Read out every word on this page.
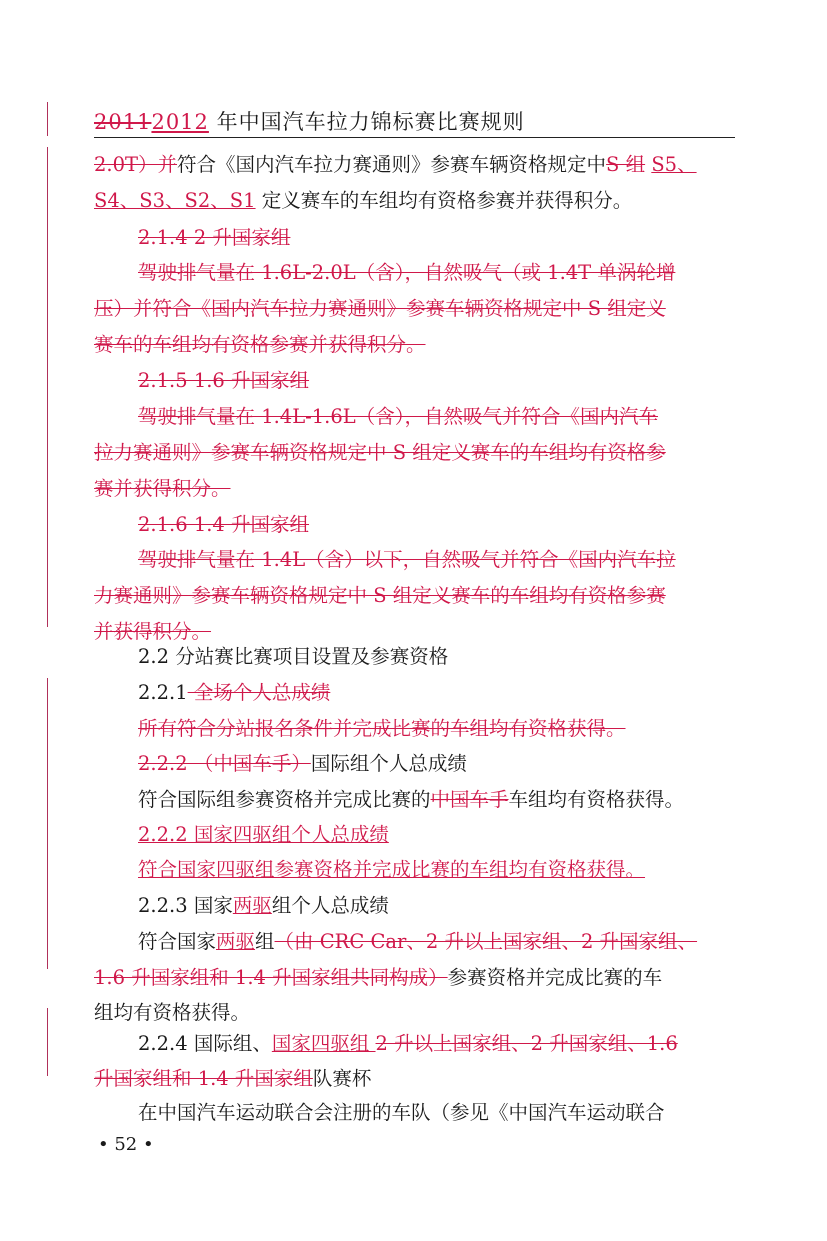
20112012 年中国汽车拉力锦标赛比赛规则
2.0T）并符合《国内汽车拉力赛通则》参赛车辆资格规定中S 组 S5、
S4、S3、S2、S1 定义赛车的车组均有资格参赛并获得积分。
2.1.4 2 升国家组
驾驶排气量在 1.6L-2.0L（含），自然吸气（或 1.4T 单涡轮增
压）并符合《国内汽车拉力赛通则》参赛车辆资格规定中 S 组定义
赛车的车组均有资格参赛并获得积分。
2.1.5 1.6 升国家组
驾驶排气量在 1.4L-1.6L（含），自然吸气并符合《国内汽车
拉力赛通则》参赛车辆资格规定中 S 组定义赛车的车组均有资格参
赛并获得积分。
2.1.6 1.4 升国家组
驾驶排气量在 1.4L（含）以下，自然吸气并符合《国内汽车拉
力赛通则》参赛车辆资格规定中 S 组定义赛车的车组均有资格参赛
并获得积分。
2.2 分站赛比赛项目设置及参赛资格
2.2.1 全场个人总成绩
所有符合分站报名条件并完成比赛的车组均有资格获得。
2.2.2 （中国车手）国际组个人总成绩
符合国际组参赛资格并完成比赛的中国车手车组均有资格获得。
2.2.2 国家四驱组个人总成绩
符合国家四驱组参赛资格并完成比赛的车组均有资格获得。
2.2.3 国家两驱组个人总成绩
符合国家两驱组（由 CRC Car、2 升以上国家组、2 升国家组、
1.6 升国家组和 1.4 升国家组共同构成）参赛资格并完成比赛的车
组均有资格获得。
2.2.4 国际组、国家四驱组 2 升以上国家组、2 升国家组、1.6
升国家组和 1.4 升国家组队赛杯
在中国汽车运动联合会注册的车队（参见《中国汽车运动联合
• 52 •
